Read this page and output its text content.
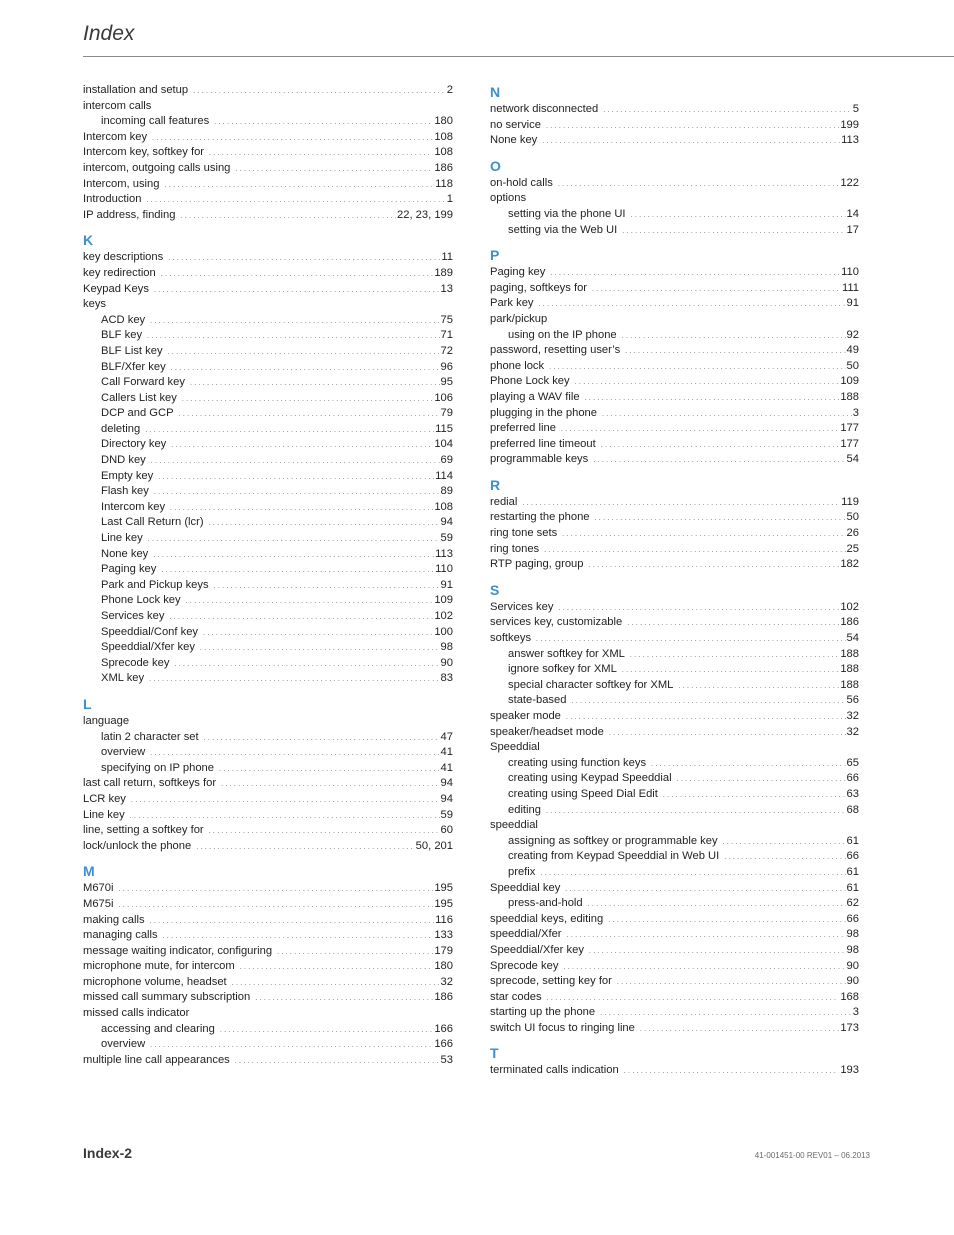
Index
installation and setup . . .	2
intercom calls
incoming call features . . .	180
Intercom key . . .	108
Intercom key, softkey for . . .	108
intercom, outgoing calls using . . .	186
Intercom, using . . .	118
Introduction . . .	1
IP address, finding . . .	22, 23, 199
K
key descriptions . . .	11
key redirection . . .	189
Keypad Keys . . .	13
keys
ACD key . . .	75
BLF key . . .	71
BLF List key . . .	72
BLF/Xfer key . . .	96
Call Forward key . . .	95
Callers List key . . .	106
DCP and GCP . . .	79
deleting . . .	115
Directory key . . .	104
DND key . . .	69
Empty key . . .	114
Flash key . . .	89
Intercom key . . .	108
Last Call Return (lcr) . . .	94
Line key . . .	59
None key . . .	113
Paging key . . .	110
Park and Pickup keys . . .	91
Phone Lock key . . .	109
Services key . . .	102
Speeddial/Conf key . . .	100
Speeddial/Xfer key . . .	98
Sprecode key . . .	90
XML key . . .	83
L
language
latin 2 character set . . .	47
overview . . .	41
specifying on IP phone . . .	41
last call return, softkeys for . . .	94
LCR key . . .	94
Line key . . .	59
line, setting a softkey for . . .	60
lock/unlock the phone . . .	50, 201
M
M670i . . .	195
M675i . . .	195
making calls . . .	116
managing calls . . .	133
message waiting indicator, configuring . . .	179
microphone mute, for intercom . . .	180
microphone volume, headset . . .	32
missed call summary subscription . . .	186
missed calls indicator
accessing and clearing . . .	166
overview . . .	166
multiple line call appearances . . .	53
N
network disconnected . . .	5
no service . . .	199
None key . . .	113
O
on-hold calls . . .	122
options
setting via the phone UI . . .	14
setting via the Web UI . . .	17
P
Paging key . . .	110
paging, softkeys for . . .	111
Park key . . .	91
park/pickup
using on the IP phone . . .	92
password, resetting user’s . . .	49
phone lock . . .	50
Phone Lock key . . .	109
playing a WAV file . . .	188
plugging in the phone . . .	3
preferred line . . .	177
preferred line timeout . . .	177
programmable keys . . .	54
R
redial . . .	119
restarting the phone . . .	50
ring tone sets . . .	26
ring tones . . .	25
RTP paging, group . . .	182
S
Services key . . .	102
services key, customizable . . .	186
softkeys . . .	54
answer softkey for XML . . .	188
ignore sofkey for XML . . .	188
special character softkey for XML . . .	188
state-based . . .	56
speaker mode . . .	32
speaker/headset mode . . .	32
Speeddial
creating using function keys . . .	65
creating using Keypad Speeddial . . .	66
creating using Speed Dial Edit . . .	63
editing . . .	68
speeddial
assigning as softkey or programmable key . . .	61
creating from Keypad Speeddial in Web UI . . .	66
prefix . . .	61
Speeddial key . . .	61
press-and-hold . . .	62
speeddial keys, editing . . .	66
speeddial/Xfer . . .	98
Speeddial/Xfer key . . .	98
Sprecode key . . .	90
sprecode, setting key for . . .	90
star codes . . .	168
starting up the phone . . .	3
switch UI focus to ringing line . . .	173
T
terminated calls indication . . .	193
Index-2	41-001451-00 REV01 – 06.2013
